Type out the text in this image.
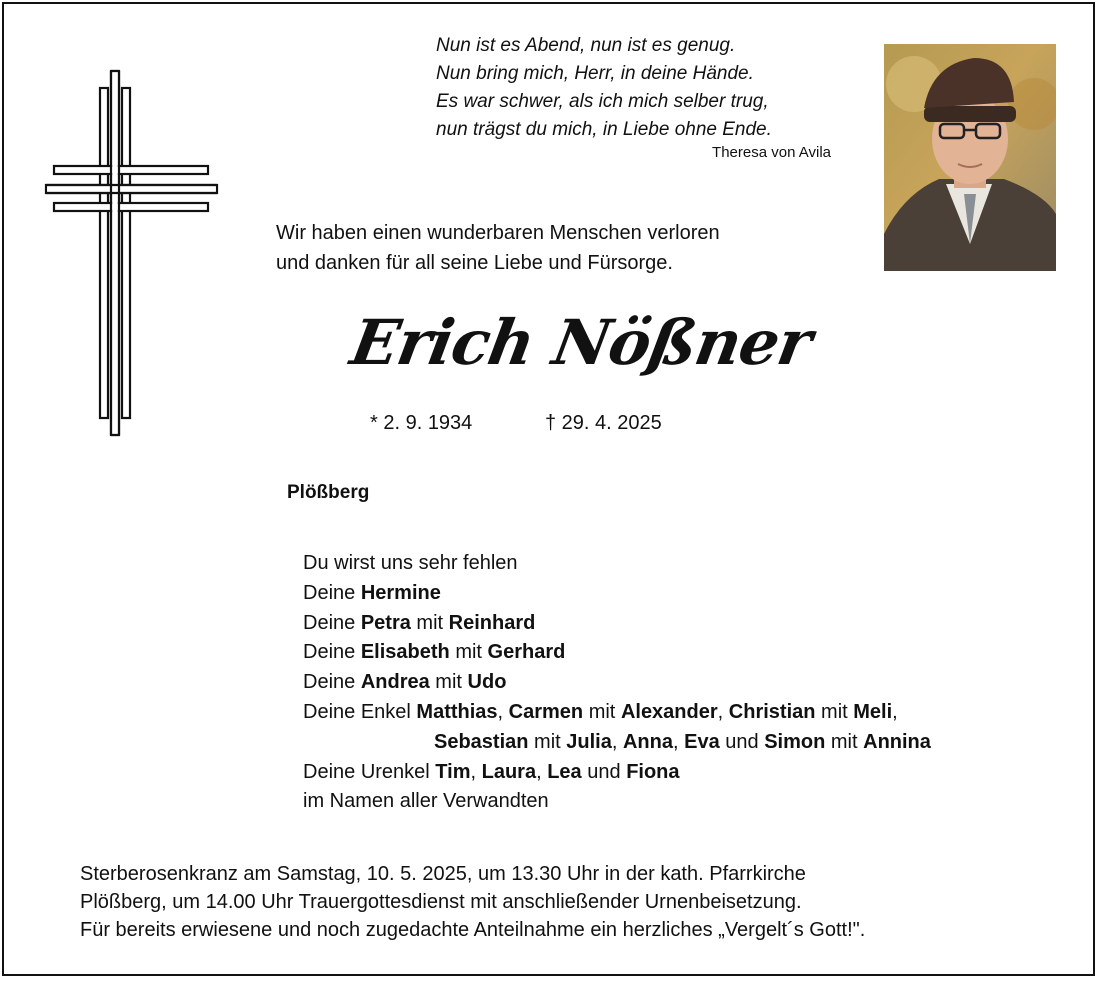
Nun ist es Abend, nun ist es genug.
Nun bring mich, Herr, in deine Hände.
Es war schwer, als ich mich selber trug,
nun trägst du mich, in Liebe ohne Ende.
Theresa von Avila
Wir haben einen wunderbaren Menschen verloren
und danken für all seine Liebe und Fürsorge.
Erich Nößner
* 2. 9. 1934	† 29. 4. 2025
Plößberg
Du wirst uns sehr fehlen
Deine Hermine
Deine Petra mit Reinhard
Deine Elisabeth mit Gerhard
Deine Andrea mit Udo
Deine Enkel Matthias, Carmen mit Alexander, Christian mit Meli,
Sebastian mit Julia, Anna, Eva und Simon mit Annina
Deine Urenkel Tim, Laura, Lea und Fiona
im Namen aller Verwandten
Sterberosenkranz am Samstag, 10. 5. 2025, um 13.30 Uhr in der kath. Pfarrkirche
Plößberg, um 14.00 Uhr Trauergottesdienst mit anschließender Urnenbeisetzung.
Für bereits erwiesene und noch zugedachte Anteilnahme ein herzliches „Vergelt´s Gott!".
